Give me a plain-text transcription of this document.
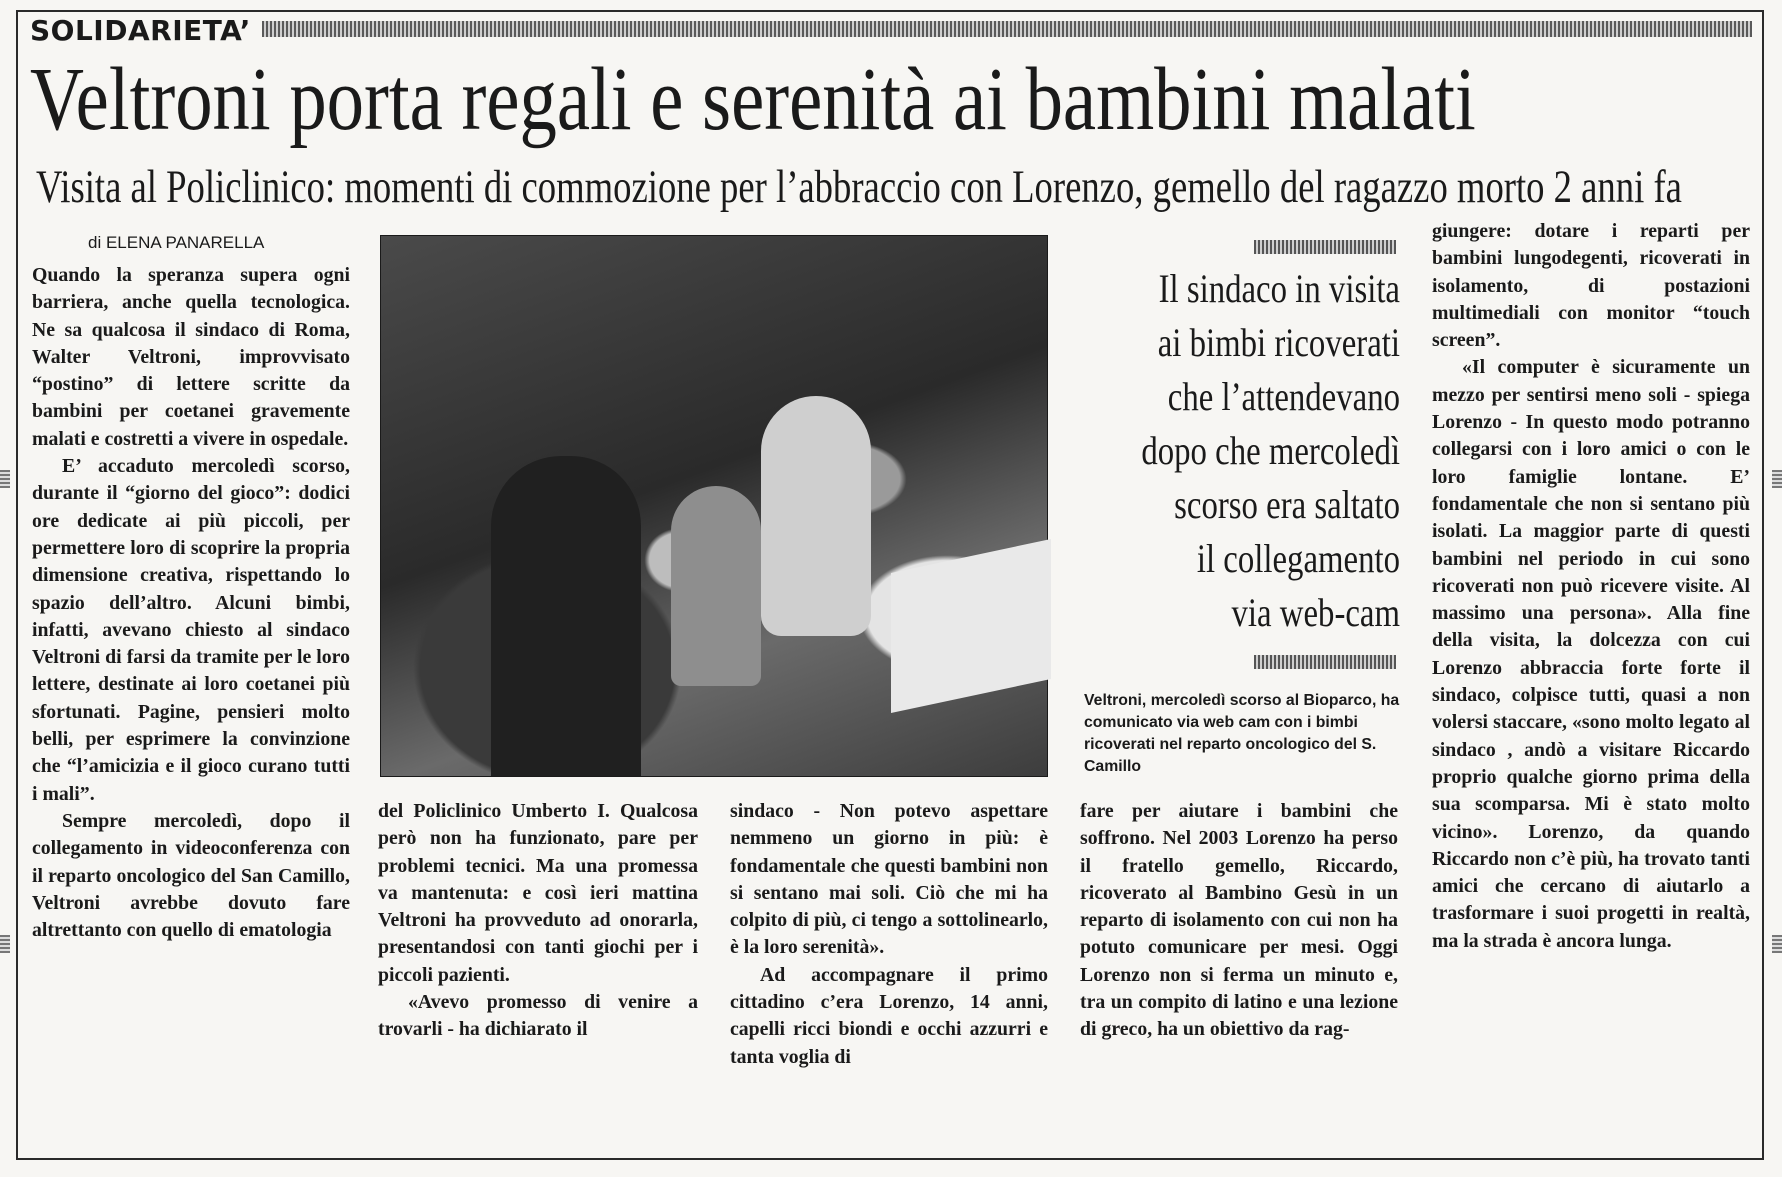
SOLIDARIETA’
Veltroni porta regali e serenità ai bambini malati
Visita al Policlinico: momenti di commozione per l’abbraccio con Lorenzo, gemello del ragazzo morto 2 anni fa
di ELENA PANARELLA

Quando la speranza supera ogni barriera, anche quella tecnologica. Ne sa qualcosa il sindaco di Roma, Walter Veltroni, improvvisato “postino” di lettere scritte da bambini per coetanei gravemente malati e costretti a vivere in ospedale.

E’ accaduto mercoledì scorso, durante il “giorno del gioco”: dodici ore dedicate ai più piccoli, per permettere loro di scoprire la propria dimensione creativa, rispettando lo spazio dell’altro. Alcuni bimbi, infatti, avevano chiesto al sindaco Veltroni di farsi da tramite per le loro lettere, destinate ai loro coetanei più sfortunati. Pagine, pensieri molto belli, per esprimere la convinzione che “l’amicizia e il gioco curano tutti i mali”.

Sempre mercoledì, dopo il collegamento in videoconferenza con il reparto oncologico del San Camillo, Veltroni avrebbe dovuto fare altrettanto con quello di ematologia

Il sindaco in visita
ai bimbi ricoverati
che l’attendevano
dopo che mercoledì
scorso era saltato
il collegamento
via web-cam
Veltroni, mercoledì scorso al Bioparco, ha comunicato via web cam con i bimbi ricoverati nel reparto oncologico del S. Camillo

del Policlinico Umberto I. Qualcosa però non ha funzionato, pare per problemi tecnici. Ma una promessa va mantenuta: e così ieri mattina Veltroni ha provveduto ad onorarla, presentandosi con tanti giochi per i piccoli pazienti.

«Avevo promesso di venire a trovarli - ha dichiarato il

sindaco - Non potevo aspettare nemmeno un giorno in più: è fondamentale che questi bambini non si sentano mai soli. Ciò che mi ha colpito di più, ci tengo a sottolinearlo, è la loro serenità».

Ad accompagnare il primo cittadino c’era Lorenzo, 14 anni, capelli ricci biondi e occhi azzurri e tanta voglia di

fare per aiutare i bambini che soffrono. Nel 2003 Lorenzo ha perso il fratello gemello, Riccardo, ricoverato al Bambino Gesù in un reparto di isolamento con cui non ha potuto comunicare per mesi. Oggi Lorenzo non si ferma un minuto e, tra un compito di latino e una lezione di greco, ha un obiettivo da rag-

giungere: dotare i reparti per bambini lungodegenti, ricoverati in isolamento, di postazioni multimediali con monitor “touch screen”.

«Il computer è sicuramente un mezzo per sentirsi meno soli - spiega Lorenzo - In questo modo potranno collegarsi con i loro amici o con le loro famiglie lontane. E’ fondamentale che non si sentano più isolati. La maggior parte di questi bambini nel periodo in cui sono ricoverati non può ricevere visite. Al massimo una persona». Alla fine della visita, la dolcezza con cui Lorenzo abbraccia forte forte il sindaco, colpisce tutti, quasi a non volersi staccare, «sono molto legato al sindaco , andò a visitare Riccardo proprio qualche giorno prima della sua scomparsa. Mi è stato molto vicino». Lorenzo, da quando Riccardo non c’è più, ha trovato tanti amici che cercano di aiutarlo a trasformare i suoi progetti in realtà, ma la strada è ancora lunga.
